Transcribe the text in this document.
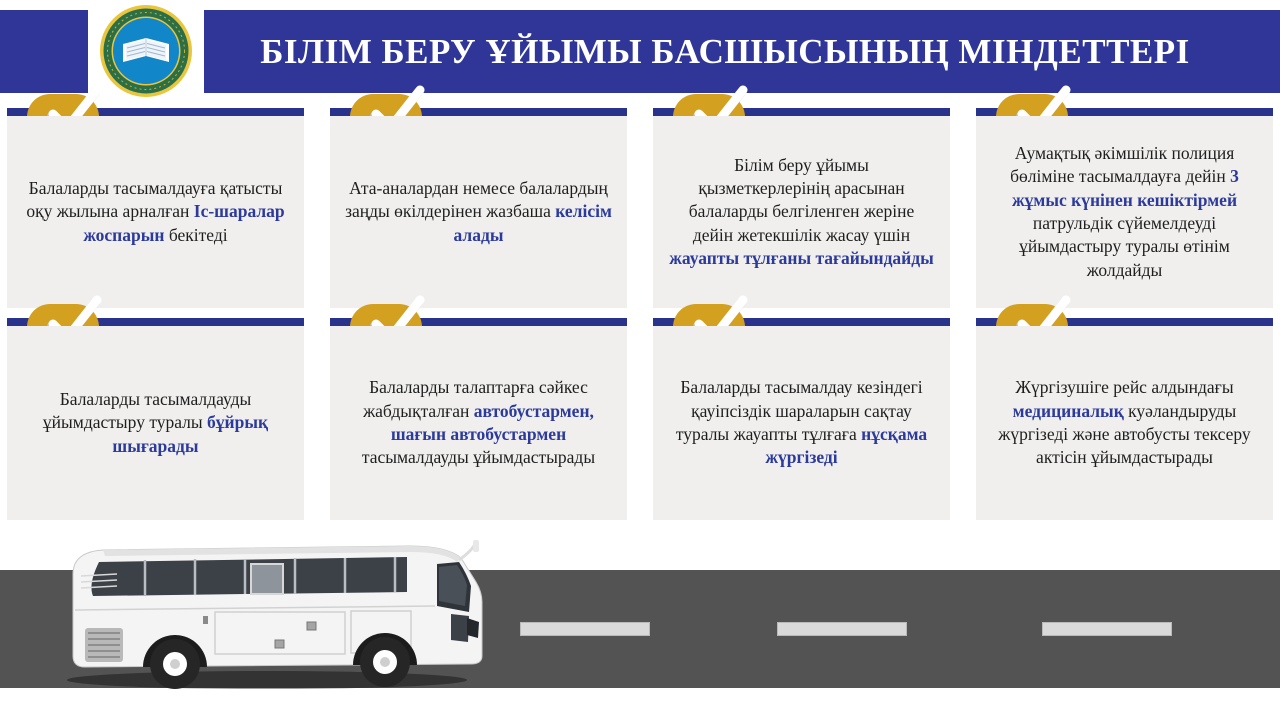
БІЛІМ БЕРУ ҰЙЫМЫ БАСШЫСЫНЫҢ МІНДЕТТЕРІ
Балаларды тасымалдауға қатысты оқу жылына арналған Іс-шаралар жоспарын бекітеді
Ата-аналардан немесе балалардың заңды өкілдерінен жазбаша келісім алады
Білім беру ұйымы қызметкерлерінің арасынан балаларды белгіленген жеріне дейін жетекшілік жасау үшін жауапты тұлғаны тағайындайды
Аумақтық әкімшілік полиция бөліміне тасымалдауға дейін 3 жұмыс күнінен кешіктірмей патрульдік сүйемелдеуді ұйымдастыру туралы өтінім жолдайды
Балаларды тасымалдауды ұйымдастыру туралы бұйрық шығарады
Балаларды талаптарға сәйкес жабдықталған автобустармен, шағын автобустармен тасымалдауды ұйымдастырады
Балаларды тасымалдау кезіндегі қауіпсіздік шараларын сақтау туралы жауапты тұлғаға нұсқама жүргізеді
Жүргізушіге рейс алдындағы медициналық куәландыруды жүргізеді және автобусты тексеру актісін ұйымдастырады
